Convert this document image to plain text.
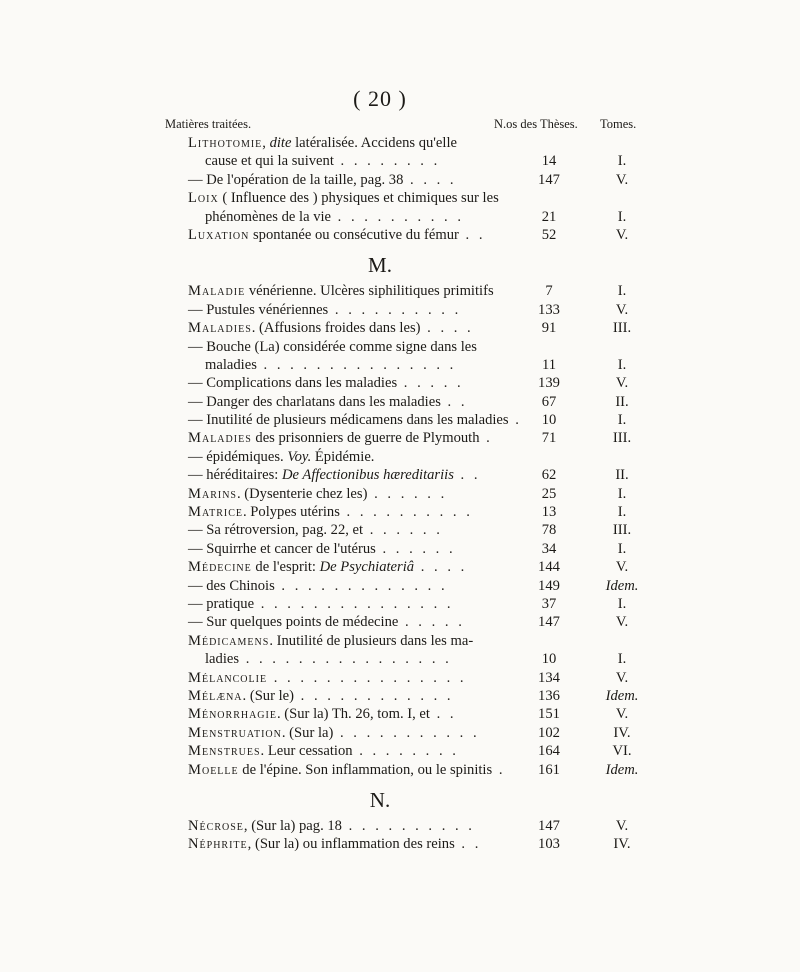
( 20 )
Matières traitées.	N.os des Thèses. Tomes.
Lithotomie, dite latéralisée. Accidens qu'elle
cause et qui la suivent . . . . . . . .	14	I.
— De l'opération de la taille, pag. 38 . . . .	147	V.
Loix ( Influence des ) physiques et chimiques sur les
phénomènes de la vie . . . . . . . . . .	21	I.
Luxation spontanée ou consécutive du fémur . .	52	V.
M.
Maladie vénérienne. Ulcères siphilitiques primitifs	7	I.
— Pustules vénériennes . . . . . . . . . .	133	V.
Maladies. (Affusions froides dans les) . . . .	91	III.
— Bouche (La) considérée comme signe dans les
maladies . . . . . . . . . . . . . . .	11	I.
— Complications dans les maladies . . . . .	139	V.
— Danger des charlatans dans les maladies . .	67	II.
— Inutilité de plusieurs médicamens dans les maladies .	10	I.
Maladies des prisonniers de guerre de Plymouth .	71	III.
— épidémiques. Voy. Épidémie.
— héréditaires: De Affectionibus hæreditariis . .	62	II.
Marins. (Dysenterie chez les) . . . . . .	25	I.
Matrice. Polypes utérins . . . . . . . . . .	13	I.
— Sa rétroversion, pag. 22, et . . . . . .	78	III.
— Squirrhe et cancer de l'utérus . . . . . .	34	I.
Médecine de l'esprit: De Psychiateriâ . . . .	144	V.
— des Chinois . . . . . . . . . . . . .	149	Idem.
— pratique . . . . . . . . . . . . . . .	37	I.
— Sur quelques points de médecine . . . . .	147	V.
Médicamens. Inutilité de plusieurs dans les ma-
ladies . . . . . . . . . . . . . . . .	10	I.
Mélancolie . . . . . . . . . . . . . . .	134	V.
Mélæna. (Sur le) . . . . . . . . . . . .	136	Idem.
Ménorrhagie. (Sur la) Th. 26, tom. I, et . .	151	V.
Menstruation. (Sur la) . . . . . . . . . . .	102	IV.
Menstrues. Leur cessation . . . . . . . .	164	VI.
Moelle de l'épine. Son inflammation, ou le spinitis .	161	Idem.
N.
Nécrose, (Sur la) pag. 18 . . . . . . . . . .	147	V.
Néphrite, (Sur la) ou inflammation des reins . .	103	IV.
